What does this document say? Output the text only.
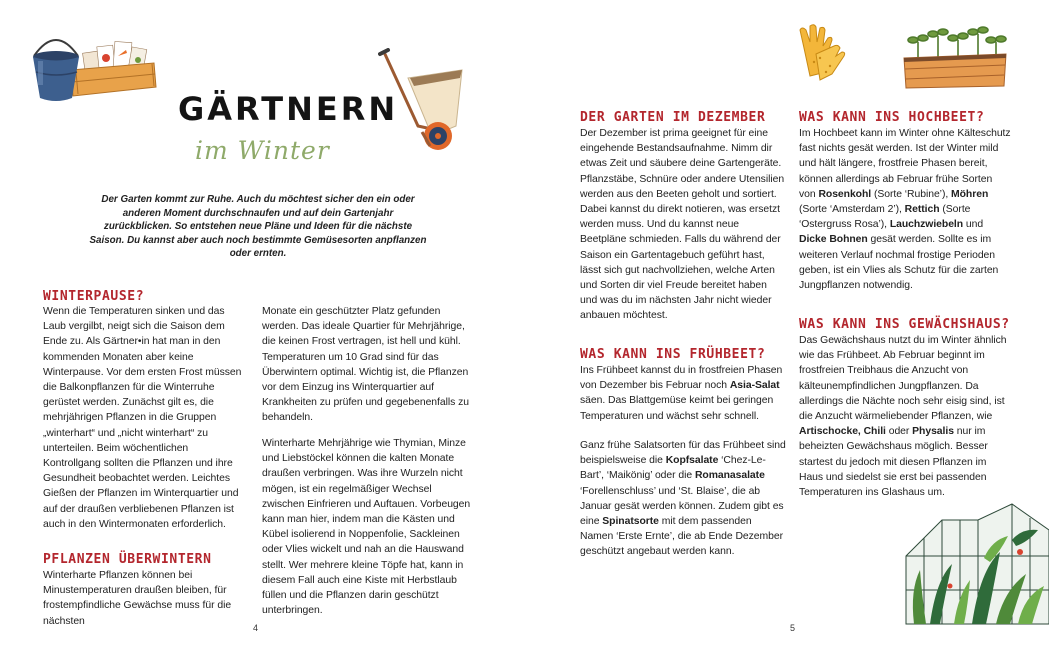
GÄRTNERN
im Winter

Der Garten kommt zur Ruhe. Auch du möchtest sicher den ein oder anderen Moment durchschnaufen und auf dein Gartenjahr zurückblicken. So entstehen neue Pläne und Ideen für die nächste Saison. Du kannst aber auch noch bestimmte Gemüsesorten anpflanzen oder ernten.

WINTERPAUSE?

Wenn die Temperaturen sinken und das Laub vergilbt, neigt sich die Saison dem Ende zu. Als Gärtner•in hat man in den kommenden Monaten aber keine Winterpause. Vor dem ersten Frost müssen die Balkonpflanzen für die Winterruhe gerüstet werden. Zunächst gilt es, die mehrjährigen Pflanzen in die Gruppen „winterhart“ und „nicht winterhart“ zu unterteilen. Beim wöchentlichen Kontrollgang sollten die Pflanzen und ihre Gesundheit beobachtet werden. Leichtes Gießen der Pflanzen im Winterquartier und auf der draußen verbliebenen Pflanzen ist auch in den Wintermonaten erforderlich.

PFLANZEN ÜBERWINTERN

Winterharte Pflanzen können bei Minustemperaturen draußen bleiben, für frostempfindliche Gewächse muss für die nächsten

Monate ein geschützter Platz gefunden werden. Das ideale Quartier für Mehrjährige, die keinen Frost vertragen, ist hell und kühl. Temperaturen um 10 Grad sind für das Überwintern optimal. Wichtig ist, die Pflanzen vor dem Einzug ins Winterquartier auf Krankheiten zu prüfen und gegebenenfalls zu behandeln.

Winterharte Mehrjährige wie Thymian, Minze und Liebstöckel können die kalten Monate draußen verbringen. Was ihre Wurzeln nicht mögen, ist ein regelmäßiger Wechsel zwischen Einfrieren und Auftauen. Vorbeugen kann man hier, indem man die Kästen und Kübel isolierend in Noppenfolie, Sackleinen oder Vlies wickelt und nah an die Hauswand stellt. Wer mehrere kleine Töpfe hat, kann in diesem Fall auch eine Kiste mit Herbstlaub füllen und die Pflanzen darin geschützt unterbringen.

4
DER GARTEN IM DEZEMBER

Der Dezember ist prima geeignet für eine eingehende Bestandsaufnahme. Nimm dir etwas Zeit und säubere deine Gartengeräte. Pflanzstäbe, Schnüre oder andere Utensilien werden aus den Beeten geholt und sortiert. Dabei kannst du direkt notieren, was ersetzt werden muss. Und du kannst neue Beetpläne schmieden. Falls du während der Saison ein Gartentagebuch geführt hast, lässt sich gut nachvollziehen, welche Arten und Sorten dir viel Freude bereitet haben und was du im nächsten Jahr nicht wieder anbauen möchtest.

WAS KANN INS FRÜHBEET?

Ins Frühbeet kannst du in frostfreien Phasen von Dezember bis Februar noch Asia-Salat säen. Das Blattgemüse keimt bei geringen Temperaturen und wächst sehr schnell.

Ganz frühe Salatsorten für das Frühbeet sind beispielsweise die Kopfsalate ‘Chez-Le-Bart’, ‘Maikönig’ oder die Romanasalate ‘Forellenschluss’ und ‘St. Blaise’, die ab Januar gesät werden können. Zudem gibt es eine Spinatsorte mit dem passenden Namen ‘Erste Ernte’, die ab Ende Dezember geschützt angebaut werden kann.

WAS KANN INS HOCHBEET?

Im Hochbeet kann im Winter ohne Kälteschutz fast nichts gesät werden. Ist der Winter mild und hält längere, frostfreie Phasen bereit, können allerdings ab Februar frühe Sorten von Rosenkohl (Sorte ‘Rubine’), Möhren (Sorte ‘Amsterdam 2’), Rettich (Sorte ‘Ostergruss Rosa’), Lauchzwiebeln und Dicke Bohnen gesät werden. Sollte es im weiteren Verlauf nochmal frostige Perioden geben, ist ein Vlies als Schutz für die zarten Jungpflanzen notwendig.

WAS KANN INS GEWÄCHSHAUS?

Das Gewächshaus nutzt du im Winter ähnlich wie das Frühbeet. Ab Februar beginnt im frostfreien Treibhaus die Anzucht von kälteunempfindlichen Jungpflanzen. Da allerdings die Nächte noch sehr eisig sind, ist die Anzucht wärmeliebender Pflanzen, wie Artischocke, Chili oder Physalis nur im beheizten Gewächshaus möglich. Besser startest du jedoch mit diesen Pflanzen im Haus und siedelst sie erst bei passenden Temperaturen ins Glashaus um.

5
